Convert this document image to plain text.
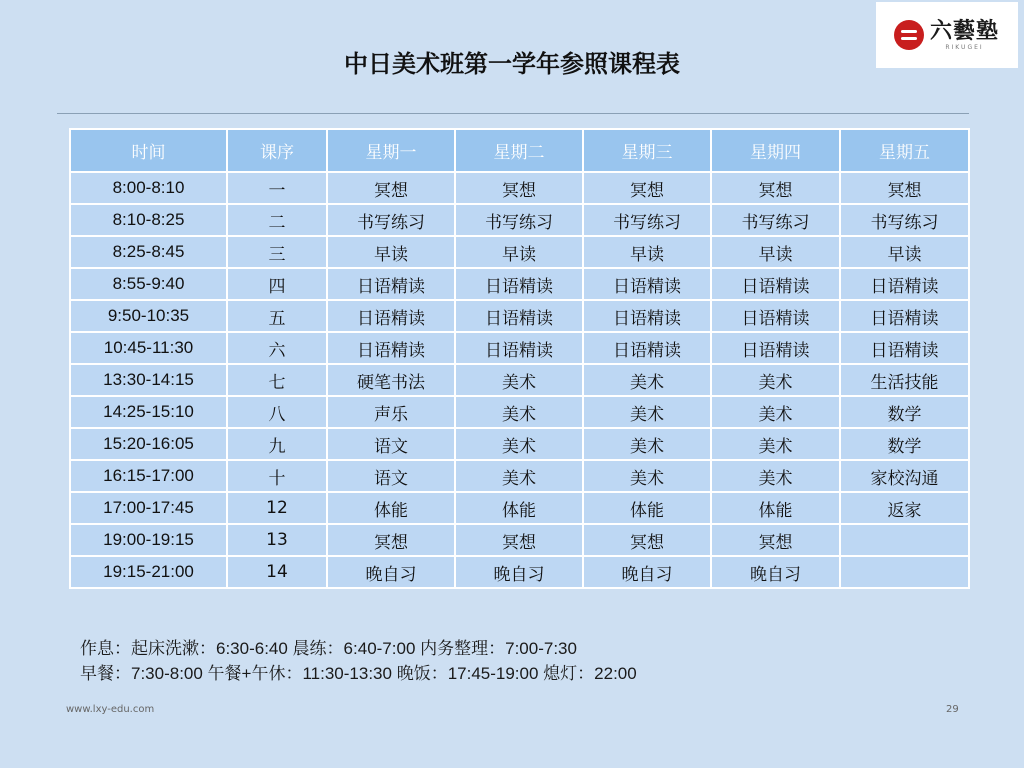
六藝塾
RIKUGEI
中日美术班第一学年参照课程表
时间	课序	星期一	星期二	星期三	星期四	星期五
8:00-8:10	一	冥想	冥想	冥想	冥想	冥想
8:10-8:25	二	书写练习	书写练习	书写练习	书写练习	书写练习
8:25-8:45	三	早读	早读	早读	早读	早读
8:55-9:40	四	日语精读	日语精读	日语精读	日语精读	日语精读
9:50-10:35	五	日语精读	日语精读	日语精读	日语精读	日语精读
10:45-11:30	六	日语精读	日语精读	日语精读	日语精读	日语精读
13:30-14:15	七	硬笔书法	美术	美术	美术	生活技能
14:25-15:10	八	声乐	美术	美术	美术	数学
15:20-16:05	九	语文	美术	美术	美术	数学
16:15-17:00	十	语文	美术	美术	美术	家校沟通
17:00-17:45	12	体能	体能	体能	体能	返家
19:00-19:15	13	冥想	冥想	冥想	冥想	
19:15-21:00	14	晚自习	晚自习	晚自习	晚自习	
作息：起床洗漱：6:30-6:40 晨练：6:40-7:00 内务整理：7:00-7:30
早餐：7:30-8:00 午餐+午休：11:30-13:30 晚饭：17:45-19:00 熄灯：22:00
www.lxy-edu.com	29
